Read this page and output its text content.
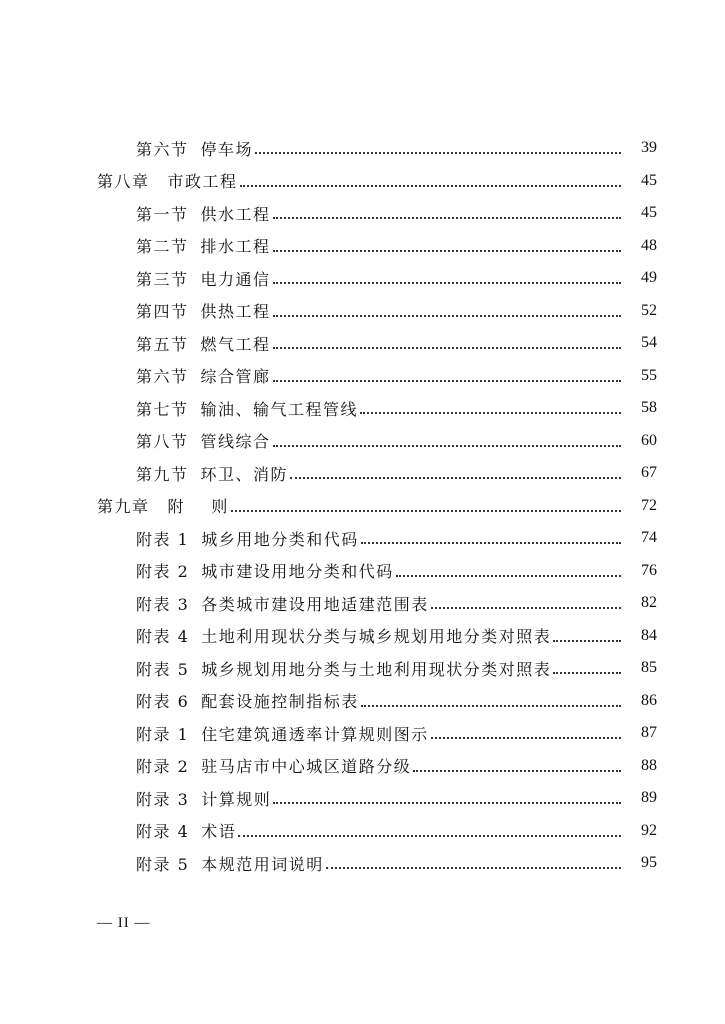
第六节 停车场	39
第八章 市政工程	45
第一节 供水工程	45
第二节 排水工程	48
第三节 电力通信	49
第四节 供热工程	52
第五节 燃气工程	54
第六节 综合管廊	55
第七节 输油、输气工程管线	58
第八节 管线综合	60
第九节 环卫、消防	67
第九章 附    则	72
附表 1 城乡用地分类和代码	74
附表 2 城市建设用地分类和代码	76
附表 3 各类城市建设用地适建范围表	82
附表 4 土地利用现状分类与城乡规划用地分类对照表	84
附表 5 城乡规划用地分类与土地利用现状分类对照表	85
附表 6 配套设施控制指标表	86
附录 1 住宅建筑通透率计算规则图示	87
附录 2 驻马店市中心城区道路分级	88
附录 3 计算规则	89
附录 4 术语	92
附录 5 本规范用词说明	95
— II —
